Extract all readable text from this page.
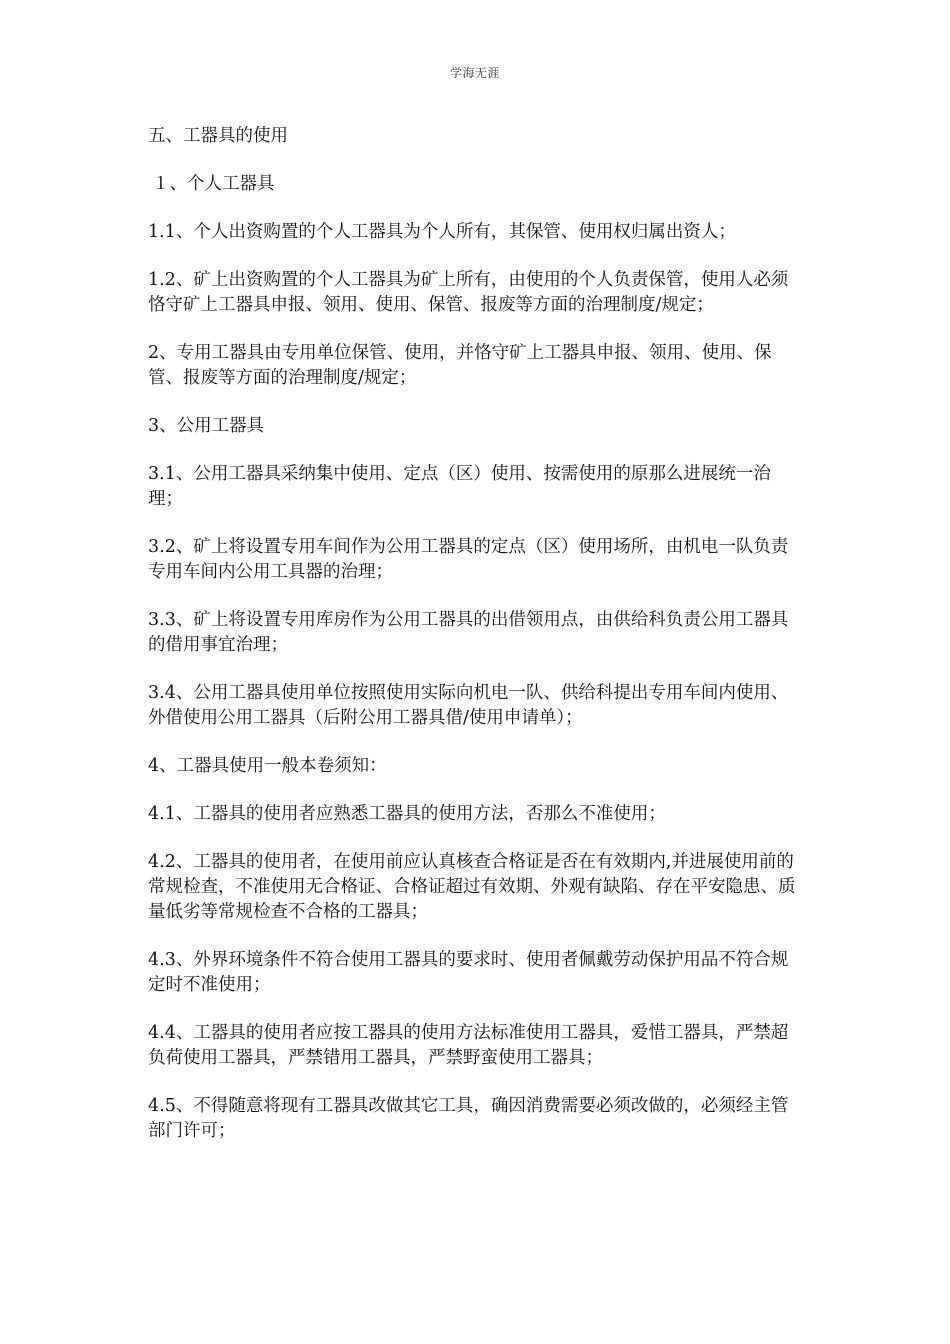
学海无涯

五、工器具的使用

１、个人工器具

1.1、个人出资购置的个人工器具为个人所有，其保管、使用权归属出资人；

1.2、矿上出资购置的个人工器具为矿上所有，由使用的个人负责保管，使用人必须恪守矿上工器具申报、领用、使用、保管、报废等方面的治理制度/规定；

2、专用工器具由专用单位保管、使用，并恪守矿上工器具申报、领用、使用、保管、报废等方面的治理制度/规定；

3、公用工器具

3.1、公用工器具采纳集中使用、定点（区）使用、按需使用的原那么进展统一治理；

3.2、矿上将设置专用车间作为公用工器具的定点（区）使用场所，由机电一队负责专用车间内公用工具器的治理；

3.3、矿上将设置专用库房作为公用工器具的出借领用点，由供给科负责公用工器具的借用事宜治理；

3.4、公用工器具使用单位按照使用实际向机电一队、供给科提出专用车间内使用、外借使用公用工器具（后附公用工器具借/使用申请单）；

4、工器具使用一般本卷须知：

4.1、工器具的使用者应熟悉工器具的使用方法，否那么不准使用；

4.2、工器具的使用者，在使用前应认真核查合格证是否在有效期内,并进展使用前的常规检查，不准使用无合格证、合格证超过有效期、外观有缺陷、存在平安隐患、质量低劣等常规检查不合格的工器具；

4.3、外界环境条件不符合使用工器具的要求时、使用者佩戴劳动保护用品不符合规定时不准使用；

4.4、工器具的使用者应按工器具的使用方法标准使用工器具，爱惜工器具，严禁超负荷使用工器具，严禁错用工器具，严禁野蛮使用工器具；

4.5、不得随意将现有工器具改做其它工具，确因消费需要必须改做的，必须经主管部门许可；
